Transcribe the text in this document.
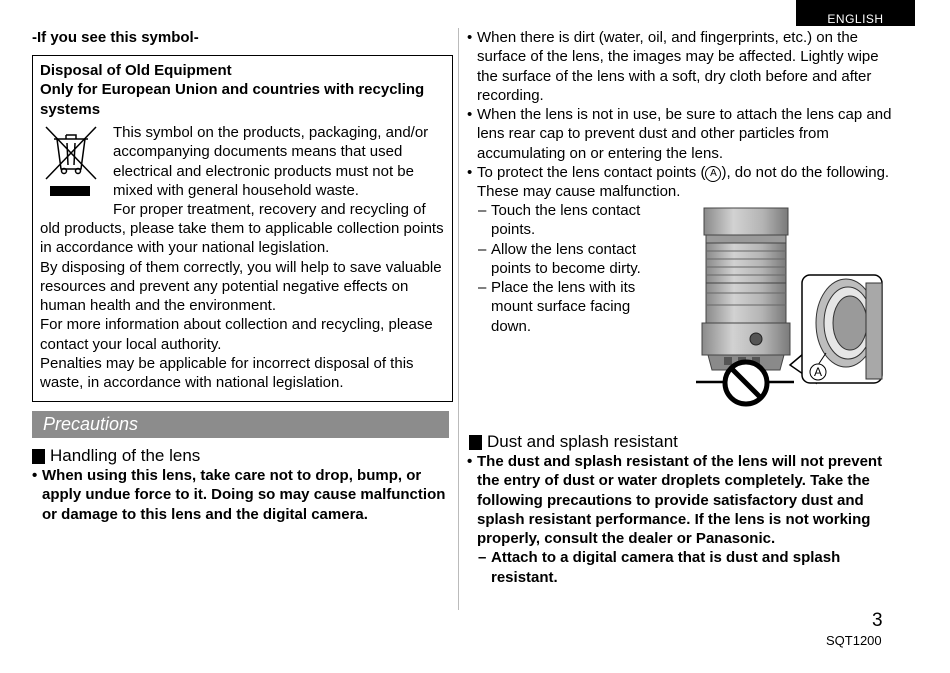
ENGLISH
-If you see this symbol-
Disposal of Old Equipment
Only for European Union and countries with recycling systems
This symbol on the products, packaging, and/or
accompanying documents means that used
electrical and electronic products must not be
mixed with general household waste.
For proper treatment, recovery and recycling of
old products, please take them to applicable collection points in accordance with your national legislation.
By disposing of them correctly, you will help to save valuable resources and prevent any potential negative effects on human health and the environment.
For more information about collection and recycling, please contact your local authority.
Penalties may be applicable for incorrect disposal of this waste, in accordance with national legislation.
Precautions
Handling of the lens
• When using this lens, take care not to drop, bump, or apply undue force to it. Doing so may cause malfunction or damage to this lens and the digital camera.
• When there is dirt (water, oil, and fingerprints, etc.) on the surface of the lens, the images may be affected. Lightly wipe the surface of the lens with a soft, dry cloth before and after recording.
• When the lens is not in use, be sure to attach the lens cap and lens rear cap to prevent dust and other particles from accumulating on or entering the lens.
• To protect the lens contact points ( A ), do not do the following. These may cause malfunction.
– Touch the lens contact points.
– Allow the lens contact points to become dirty.
– Place the lens with its mount surface facing down.
A
Dust and splash resistant
• The dust and splash resistant of the lens will not prevent the entry of dust or water droplets completely. Take the following precautions to provide satisfactory dust and splash resistant performance. If the lens is not working properly, consult the dealer or Panasonic.
– Attach to a digital camera that is dust and splash resistant.
3
SQT1200
